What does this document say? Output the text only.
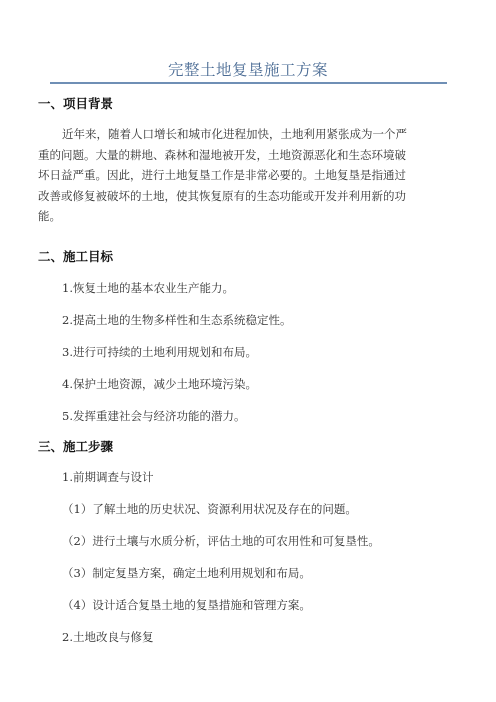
完整土地复垦施工方案
一、项目背景
近年来，随着人口增长和城市化进程加快，土地利用紧张成为一个严
重的问题。大量的耕地、森林和湿地被开发，土地资源恶化和生态环境破
坏日益严重。因此，进行土地复垦工作是非常必要的。土地复垦是指通过
改善或修复被破坏的土地，使其恢复原有的生态功能或开发并利用新的功
能。
二、施工目标
1.恢复土地的基本农业生产能力。
2.提高土地的生物多样性和生态系统稳定性。
3.进行可持续的土地利用规划和布局。
4.保护土地资源，减少土地环境污染。
5.发挥重建社会与经济功能的潜力。
三、施工步骤
1.前期调查与设计
（1）了解土地的历史状况、资源利用状况及存在的问题。
（2）进行土壤与水质分析，评估土地的可农用性和可复垦性。
（3）制定复垦方案，确定土地利用规划和布局。
（4）设计适合复垦土地的复垦措施和管理方案。
2.土地改良与修复
